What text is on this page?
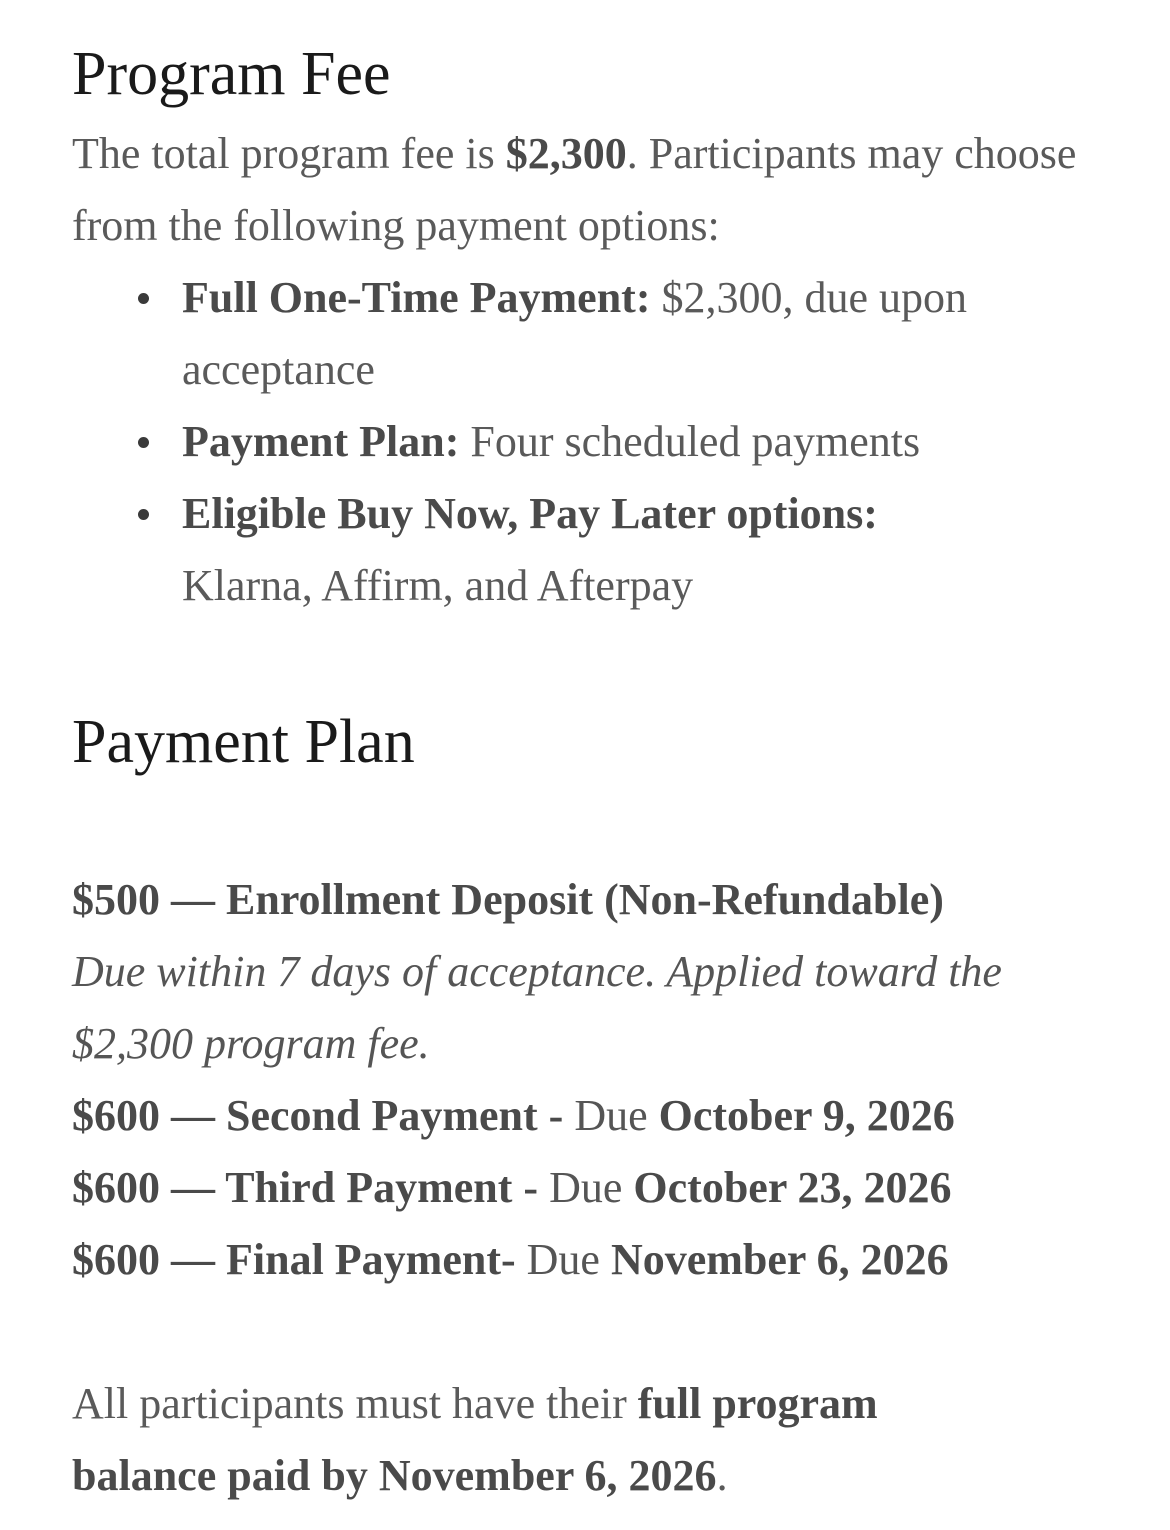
Program Fee

The total program fee is $2,300. Participants may choose from the following payment options:

Full One-Time Payment: $2,300, due upon acceptance
Payment Plan: Four scheduled payments
Eligible Buy Now, Pay Later options: Klarna, Affirm, and Afterpay
Payment Plan
$500 — Enrollment Deposit (Non-Refundable)
Due within 7 days of acceptance. Applied toward the $2,300 program fee.
$600 — Second Payment - Due October 9, 2026
$600 — Third Payment - Due October 23, 2026
$600 — Final Payment- Due November 6, 2026

All participants must have their full program balance paid by November 6, 2026.
